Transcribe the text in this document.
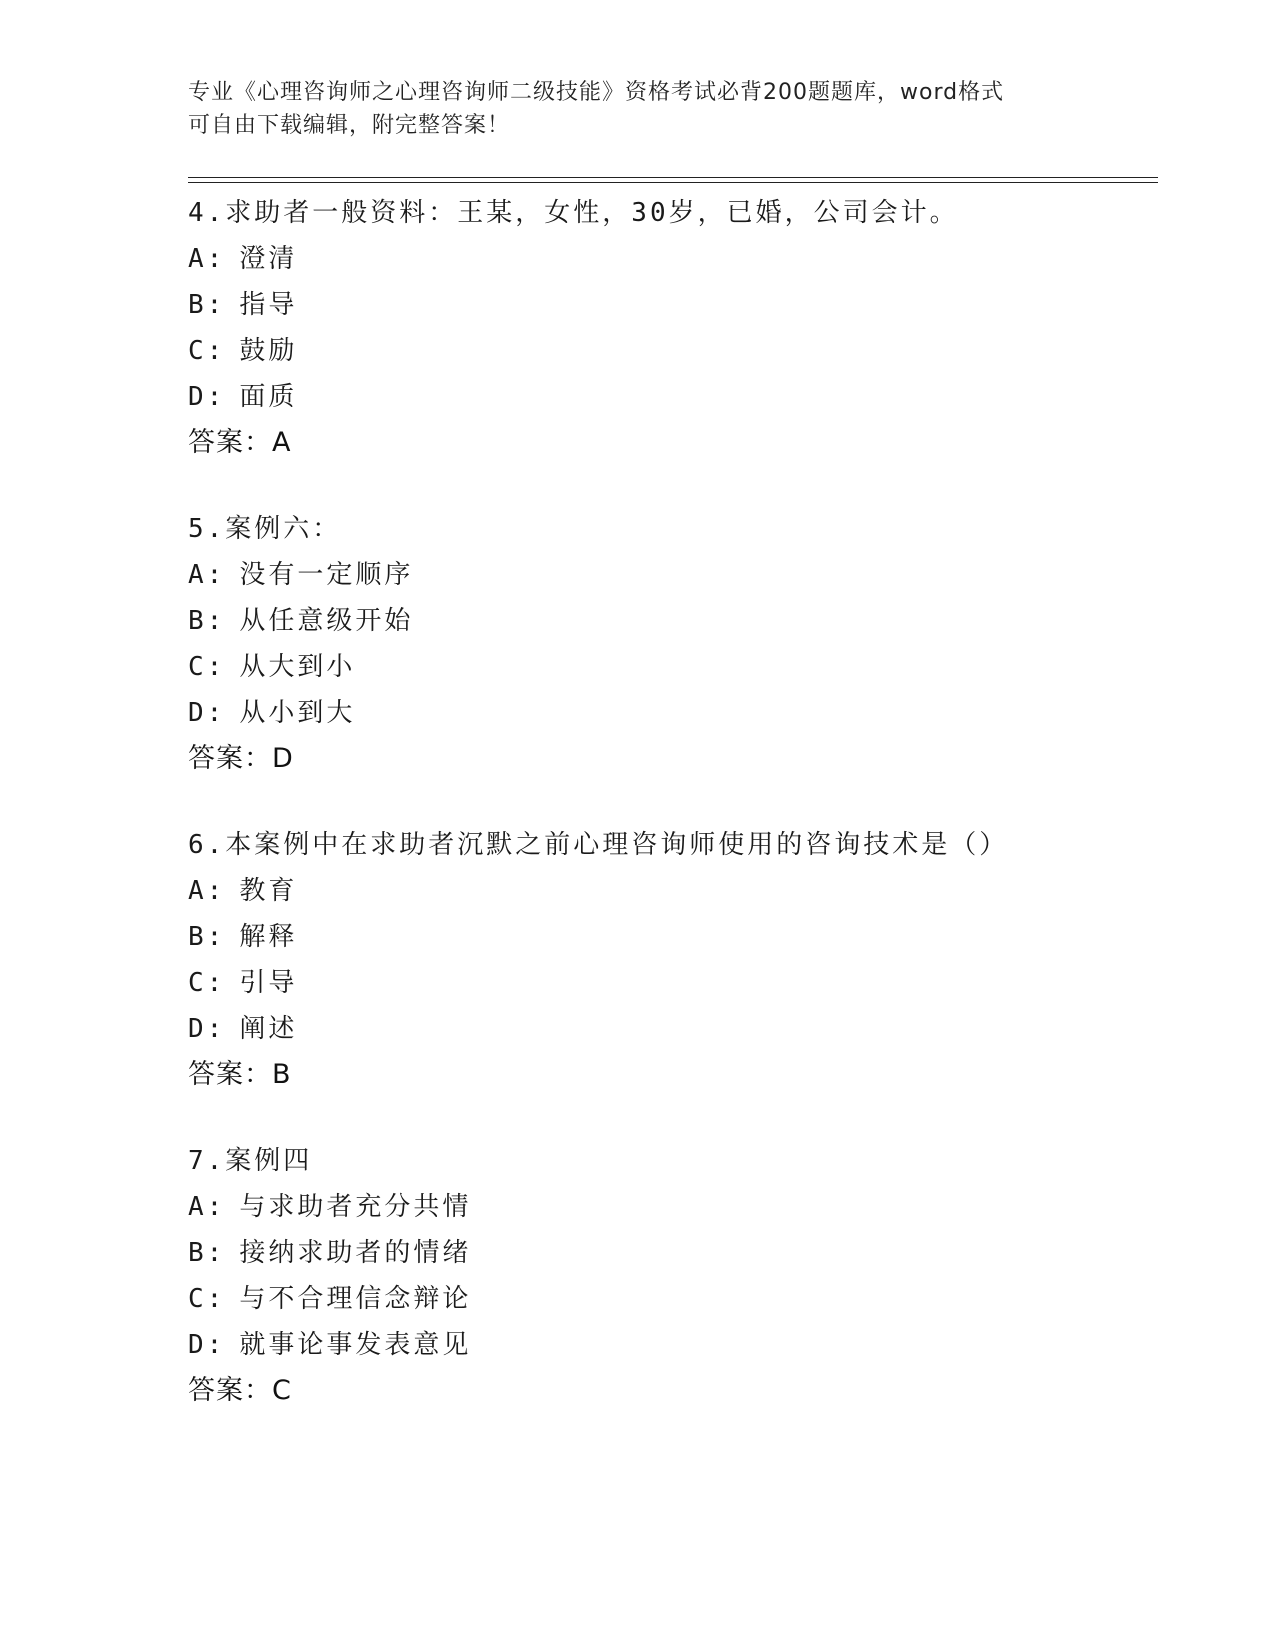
专业《心理咨询师之心理咨询师二级技能》资格考试必背200题题库，word格式
可自由下载编辑，附完整答案！
4.求助者一般资料：王某，女性，30岁，已婚，公司会计。
A: 澄清
B: 指导
C: 鼓励
D: 面质
答案：A
5.案例六：
A: 没有一定顺序
B: 从任意级开始
C: 从大到小
D: 从小到大
答案：D
6.本案例中在求助者沉默之前心理咨询师使用的咨询技术是（）
A: 教育
B: 解释
C: 引导
D: 阐述
答案：B
7.案例四
A: 与求助者充分共情
B: 接纳求助者的情绪
C: 与不合理信念辩论
D: 就事论事发表意见
答案：C
